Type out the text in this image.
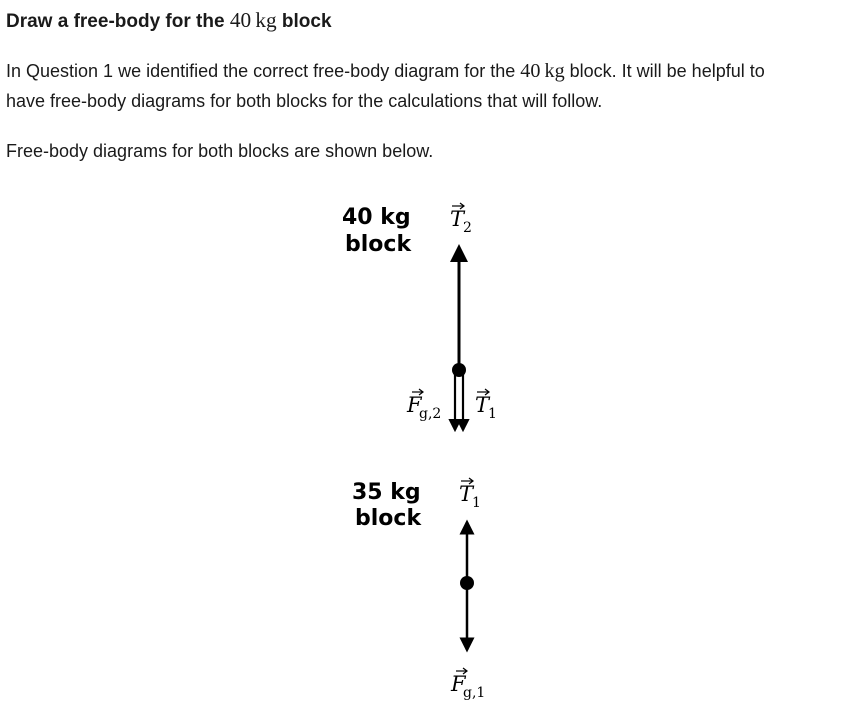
Draw a free-body for the 40  kg block

In Question 1 we identified the correct free-body diagram for the 40  kg block. It will be helpful to have free-body diagrams for both blocks for the calculations that will follow.

Free-body diagrams for both blocks are shown below.

40 kg
block
T
2
F
g,2 T
1
35 kg
block
T
1
F
g,1
